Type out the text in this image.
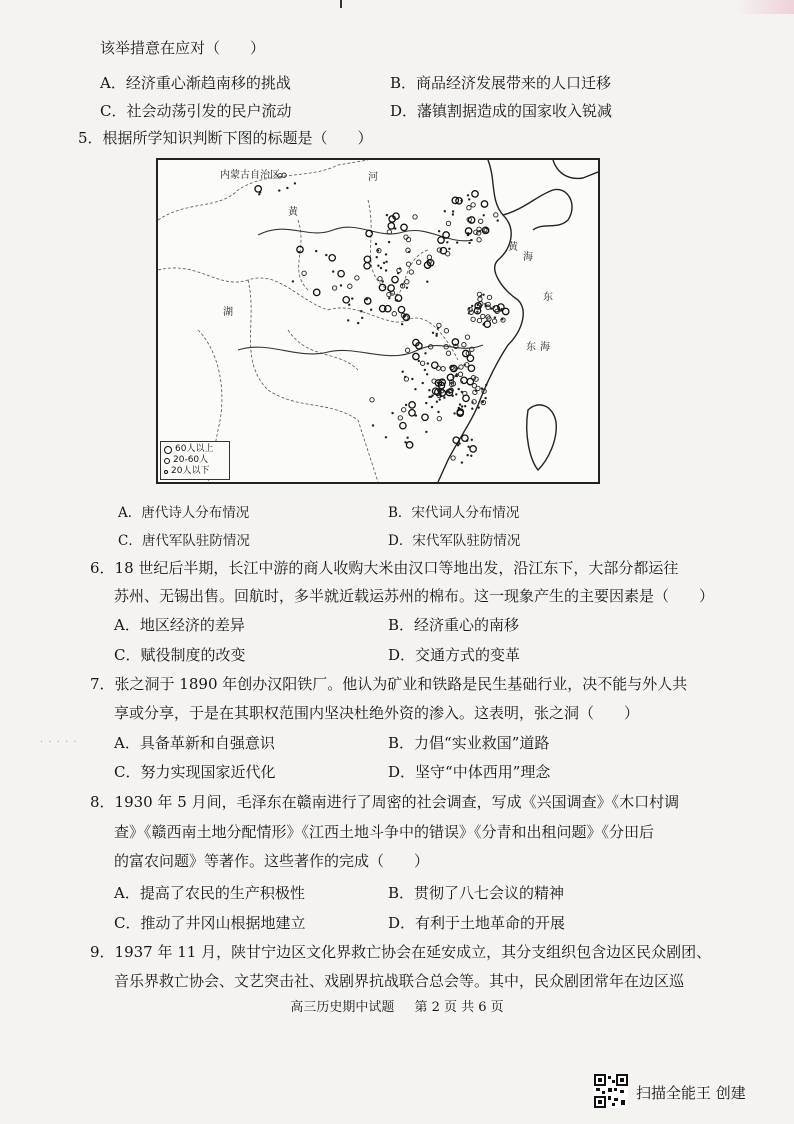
该举措意在应对（　　）
A．经济重心渐趋南移的挑战	B．商品经济发展带来的人口迁移
C．社会动荡引发的民户流动	D．藩镇割据造成的国家收入锐减
5．根据所学知识判断下图的标题是（　　）
内蒙古自治区
黄
河
湖
黄
海
东
东 海
60人以上
20-60人
20人以下
A．唐代诗人分布情况	B．宋代词人分布情况
C．唐代军队驻防情况	D．宋代军队驻防情况
6．18 世纪后半期，长江中游的商人收购大米由汉口等地出发，沿江东下，大部分都运往
苏州、无锡出售。回航时，多半就近载运苏州的棉布。这一现象产生的主要因素是（　　）
A．地区经济的差异	B．经济重心的南移
C．赋役制度的改变	D．交通方式的变革
7．张之洞于 1890 年创办汉阳铁厂。他认为矿业和铁路是民生基础行业，决不能与外人共
享或分享，于是在其职权范围内坚决杜绝外资的渗入。这表明，张之洞（　　）
· · · · · A．具备革新和自强意识	B．力倡“实业救国”道路
C．努力实现国家近代化	D．坚守“中体西用”理念
8．1930 年 5 月间，毛泽东在赣南进行了周密的社会调查，写成《兴国调查》《木口村调
查》《赣西南土地分配情形》《江西土地斗争中的错误》《分青和出租问题》《分田后
的富农问题》等著作。这些著作的完成（　　）
A．提高了农民的生产积极性	B．贯彻了八七会议的精神
C．推动了井冈山根据地建立	D．有利于土地革命的开展
9．1937 年 11 月，陕甘宁边区文化界救亡协会在延安成立，其分支组织包含边区民众剧团、
音乐界救亡协会、文艺突击社、戏剧界抗战联合总会等。其中，民众剧团常年在边区巡
高三历史期中试题 第 2 页 共 6 页
扫描全能王 创建
